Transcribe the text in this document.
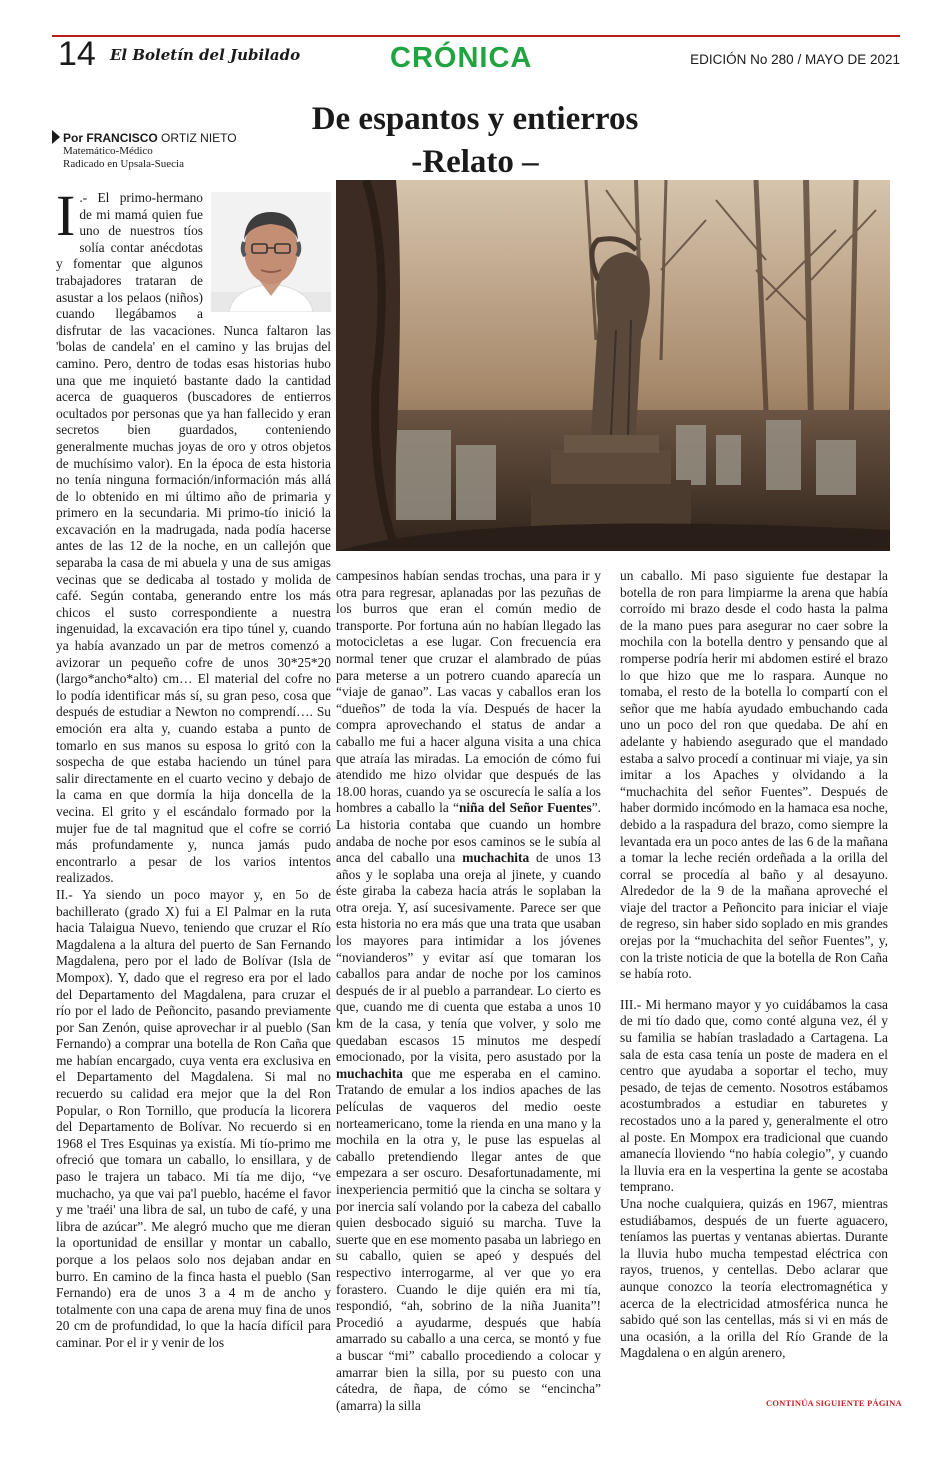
14 El Boletín del Jubilado	CRÓNICA	EDICIÓN No 280 / MAYO DE 2021
De espantos y entierros
-Relato –
Por FRANCISCO ORTIZ NIETO
Matemático-Médico
Radicado en Upsala-Suecia

I .- El primo-hermano de mi mamá quien fue uno de nuestros tíos solía contar anécdotas y fomentar que algunos trabajadores trataran de asustar a los pelaos (niños) cuando llegábamos a disfrutar de las vacaciones. Nunca faltaron las 'bolas de candela' en el camino y las brujas del camino. Pero, dentro de todas esas historias hubo una que me inquietó bastante dado la cantidad acerca de guaqueros (buscadores de entierros ocultados por personas que ya han fallecido y eran secretos bien guardados, conteniendo generalmente muchas joyas de oro y otros objetos de muchísimo valor). En la época de esta historia no tenía ninguna formación/información más allá de lo obtenido en mi último año de primaria y primero en la secundaria. Mi primo-tío inició la excavación en la madrugada, nada podía hacerse antes de las 12 de la noche, en un callejón que separaba la casa de mi abuela y una de sus amigas vecinas que se dedicaba al tostado y molida de café. Según contaba, generando entre los más chicos el susto correspondiente a nuestra ingenuidad, la excavación era tipo túnel y, cuando ya había avanzado un par de metros comenzó a avizorar un pequeño cofre de unos 30*25*20 (largo*ancho*alto) cm… El material del cofre no lo podía identificar más sí, su gran peso, cosa que después de estudiar a Newton no comprendí…. Su emoción era alta y, cuando estaba a punto de tomarlo en sus manos su esposa lo gritó con la sospecha de que estaba haciendo un túnel para salir directamente en el cuarto vecino y debajo de la cama en que dormía la hija doncella de la vecina. El grito y el escándalo formado por la mujer fue de tal magnitud que el cofre se corrió más profundamente y, nunca jamás pudo encontrarlo a pesar de los varios intentos realizados.

II.- Ya siendo un poco mayor y, en 5o de bachillerato (grado X) fui a El Palmar en la ruta hacia Talaigua Nuevo, teniendo que cruzar el Río Magdalena a la altura del puerto de San Fernando Magdalena, pero por el lado de Bolívar (Isla de Mompox). Y, dado que el regreso era por el lado del Departamento del Magdalena, para cruzar el río por el lado de Peñoncito, pasando previamente por San Zenón, quise aprovechar ir al pueblo (San Fernando) a comprar una botella de Ron Caña que me habían encargado, cuya venta era exclusiva en el Departamento del Magdalena. Si mal no recuerdo su calidad era mejor que la del Ron Popular, o Ron Tornillo, que producía la licorera del Departamento de Bolívar. No recuerdo si en 1968 el Tres Esquinas ya existía. Mi tío-primo me ofreció que tomara un caballo, lo ensillara, y de paso le trajera un tabaco. Mi tía me dijo, “ve muchacho, ya que vai pa'l pueblo, hacéme el favor y me 'traéi' una libra de sal, un tubo de café, y una libra de azúcar”. Me alegró mucho que me dieran la oportunidad de ensillar y montar un caballo, porque a los pelaos solo nos dejaban andar en burro. En camino de la finca hasta el pueblo (San Fernando) era de unos 3 a 4 m de ancho y totalmente con una capa de arena muy fina de unos 20 cm de profundidad, lo que la hacía difícil para caminar. Por el ir y venir de los

campesinos habían sendas trochas, una para ir y otra para regresar, aplanadas por las pezuñas de los burros que eran el común medio de transporte. Por fortuna aún no habían llegado las motocicletas a ese lugar. Con frecuencia era normal tener que cruzar el alambrado de púas para meterse a un potrero cuando aparecía un “viaje de ganao”. Las vacas y caballos eran los “dueños” de toda la vía. Después de hacer la compra aprovechando el status de andar a caballo me fui a hacer alguna visita a una chica que atraía las miradas. La emoción de cómo fui atendido me hizo olvidar que después de las 18.00 horas, cuando ya se oscurecía le salía a los hombres a caballo la “niña del Señor Fuentes”. La historia contaba que cuando un hombre andaba de noche por esos caminos se le subía al anca del caballo una muchachita de unos 13 años y le soplaba una oreja al jinete, y cuando éste giraba la cabeza hacia atrás le soplaban la otra oreja. Y, así sucesivamente. Parece ser que esta historia no era más que una trata que usaban los mayores para intimidar a los jóvenes “novianderos” y evitar así que tomaran los caballos para andar de noche por los caminos después de ir al pueblo a parrandear. Lo cierto es que, cuando me di cuenta que estaba a unos 10 km de la casa, y tenía que volver, y solo me quedaban escasos 15 minutos me despedí emocionado, por la visita, pero asustado por la muchachita que me esperaba en el camino. Tratando de emular a los indios apaches de las películas de vaqueros del medio oeste norteamericano, tome la rienda en una mano y la mochila en la otra y, le puse las espuelas al caballo pretendiendo llegar antes de que empezara a ser oscuro. Desafortunadamente, mi inexperiencia permitió que la cincha se soltara y por inercia salí volando por la cabeza del caballo quien desbocado siguió su marcha. Tuve la suerte que en ese momento pasaba un labriego en su caballo, quien se apeó y después del respectivo interrogarme, al ver que yo era forastero. Cuando le dije quién era mi tía, respondió, “ah, sobrino de la niña Juanita”! Procedió a ayudarme, después que había amarrado su caballo a una cerca, se montó y fue a buscar “mi” caballo procediendo a colocar y amarrar bien la silla, por su puesto con una cátedra, de ñapa, de cómo se “encincha” (amarra) la silla

un caballo. Mi paso siguiente fue destapar la botella de ron para limpiarme la arena que había corroído mi brazo desde el codo hasta la palma de la mano pues para asegurar no caer sobre la mochila con la botella dentro y pensando que al romperse podría herir mi abdomen estiré el brazo lo que hizo que me lo raspara. Aunque no tomaba, el resto de la botella lo compartí con el señor que me había ayudado embuchando cada uno un poco del ron que quedaba. De ahí en adelante y habiendo asegurado que el mandado estaba a salvo procedí a continuar mi viaje, ya sin imitar a los Apaches y olvidando a la “muchachita del señor Fuentes”. Después de haber dormido incómodo en la hamaca esa noche, debido a la raspadura del brazo, como siempre la levantada era un poco antes de las 6 de la mañana a tomar la leche recién ordeñada a la orilla del corral se procedía al baño y al desayuno. Alrededor de la 9 de la mañana aproveché el viaje del tractor a Peñoncito para iniciar el viaje de regreso, sin haber sido soplado en mis grandes orejas por la “muchachita del señor Fuentes”, y, con la triste noticia de que la botella de Ron Caña se había roto.

III.- Mi hermano mayor y yo cuidábamos la casa de mi tío dado que, como conté alguna vez, él y su familia se habían trasladado a Cartagena. La sala de esta casa tenía un poste de madera en el centro que ayudaba a soportar el techo, muy pesado, de tejas de cemento. Nosotros estábamos acostumbrados a estudiar en taburetes y recostados uno a la pared y, generalmente el otro al poste. En Mompox era tradicional que cuando amanecía lloviendo “no había colegio”, y cuando la lluvia era en la vespertina la gente se acostaba temprano.

Una noche cualquiera, quizás en 1967, mientras estudiábamos, después de un fuerte aguacero, teníamos las puertas y ventanas abiertas. Durante la lluvia hubo mucha tempestad eléctrica con rayos, truenos, y centellas. Debo aclarar que aunque conozco la teoría electromagnética y acerca de la electricidad atmosférica nunca he sabido qué son las centellas, más si vi en más de una ocasión, a la orilla del Río Grande de la Magdalena o en algún arenero,

CONTINÚA SIGUIENTE PÁGINA
